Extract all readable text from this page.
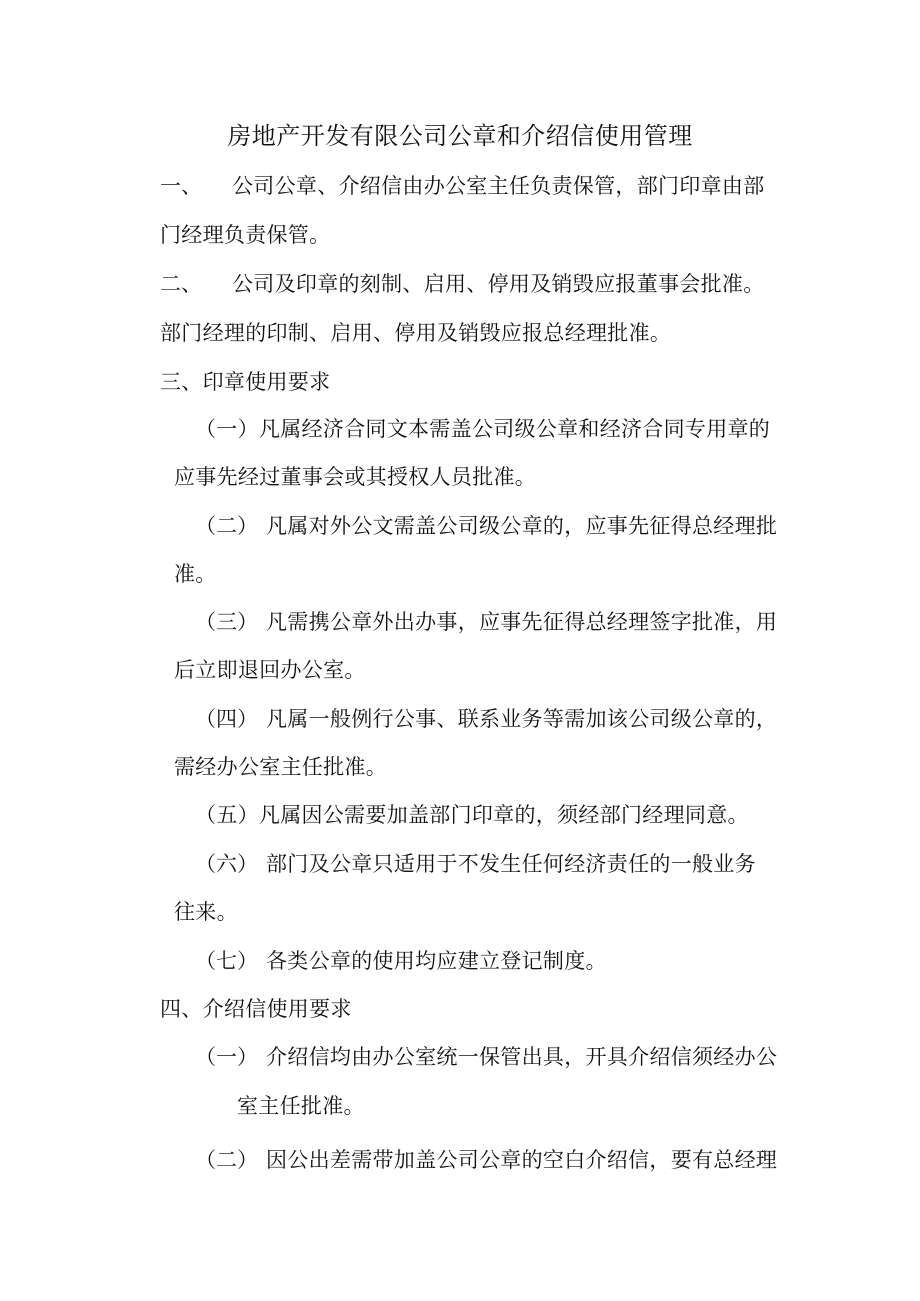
房地产开发有限公司公章和介绍信使用管理
一、 公司公章、介绍信由办公室主任负责保管，部门印章由部
门经理负责保管。
二、 公司及印章的刻制、启用、停用及销毁应报董事会批准。
部门经理的印制、启用、停用及销毁应报总经理批准。
三、印章使用要求
（一）凡属经济合同文本需盖公司级公章和经济合同专用章的
应事先经过董事会或其授权人员批准。
（二） 凡属对外公文需盖公司级公章的，应事先征得总经理批
准。
（三） 凡需携公章外出办事，应事先征得总经理签字批准，用
后立即退回办公室。
（四） 凡属一般例行公事、联系业务等需加该公司级公章的，
需经办公室主任批准。
（五）凡属因公需要加盖部门印章的，须经部门经理同意。
（六） 部门及公章只适用于不发生任何经济责任的一般业务
往来。
（七） 各类公章的使用均应建立登记制度。
四、介绍信使用要求
（一） 介绍信均由办公室统一保管出具，开具介绍信须经办公
室主任批准。
（二） 因公出差需带加盖公司公章的空白介绍信，要有总经理
